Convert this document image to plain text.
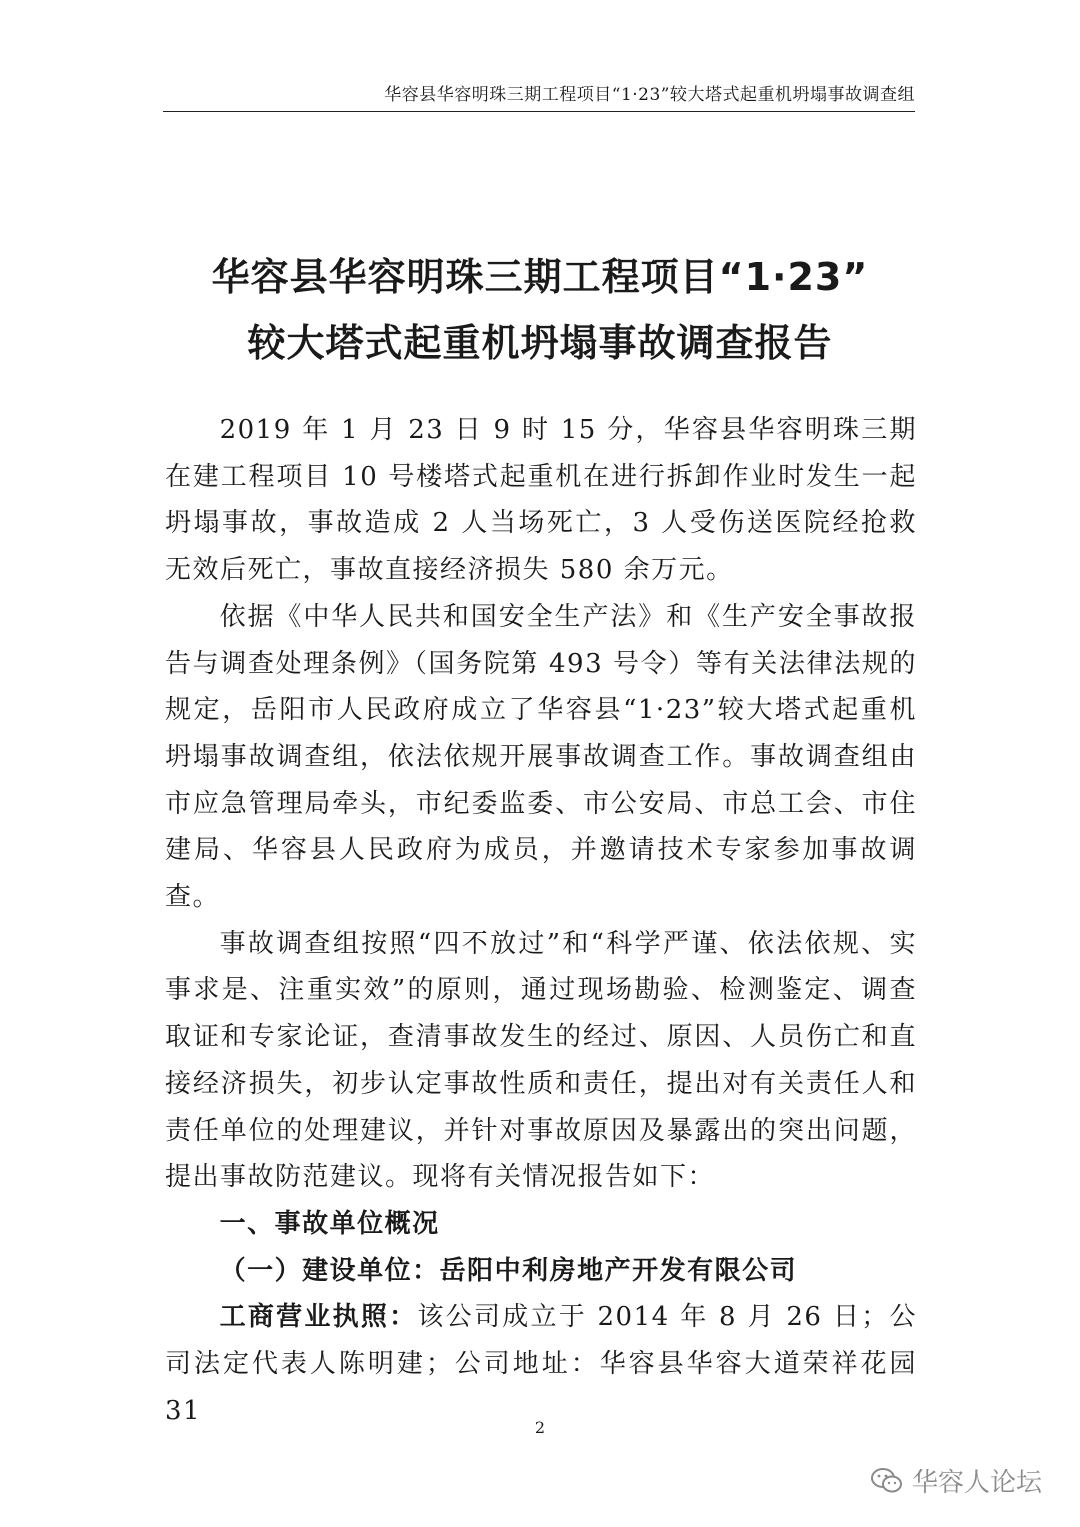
华容县华容明珠三期工程项目“1·23”较大塔式起重机坍塌事故调查组
华容县华容明珠三期工程项目“1·23”
较大塔式起重机坍塌事故调查报告

2019 年 1 月 23 日 9 时 15 分，华容县华容明珠三期在建工程项目 10 号楼塔式起重机在进行拆卸作业时发生一起坍塌事故，事故造成 2 人当场死亡，3 人受伤送医院经抢救无效后死亡，事故直接经济损失 580 余万元。

依据《中华人民共和国安全生产法》和《生产安全事故报告与调查处理条例》（国务院第 493 号令）等有关法律法规的规定，岳阳市人民政府成立了华容县“1·23”较大塔式起重机坍塌事故调查组，依法依规开展事故调查工作。事故调查组由市应急管理局牵头，市纪委监委、市公安局、市总工会、市住建局、华容县人民政府为成员，并邀请技术专家参加事故调查。

事故调查组按照“四不放过”和“科学严谨、依法依规、实事求是、注重实效”的原则，通过现场勘验、检测鉴定、调查取证和专家论证，查清事故发生的经过、原因、人员伤亡和直接经济损失，初步认定事故性质和责任，提出对有关责任人和责任单位的处理建议，并针对事故原因及暴露出的突出问题，提出事故防范建议。现将有关情况报告如下：

一、事故单位概况

（一）建设单位：岳阳中利房地产开发有限公司

工商营业执照：该公司成立于 2014 年 8 月 26 日；公司法定代表人陈明建；公司地址：华容县华容大道荣祥花园 31

2
华容人论坛
